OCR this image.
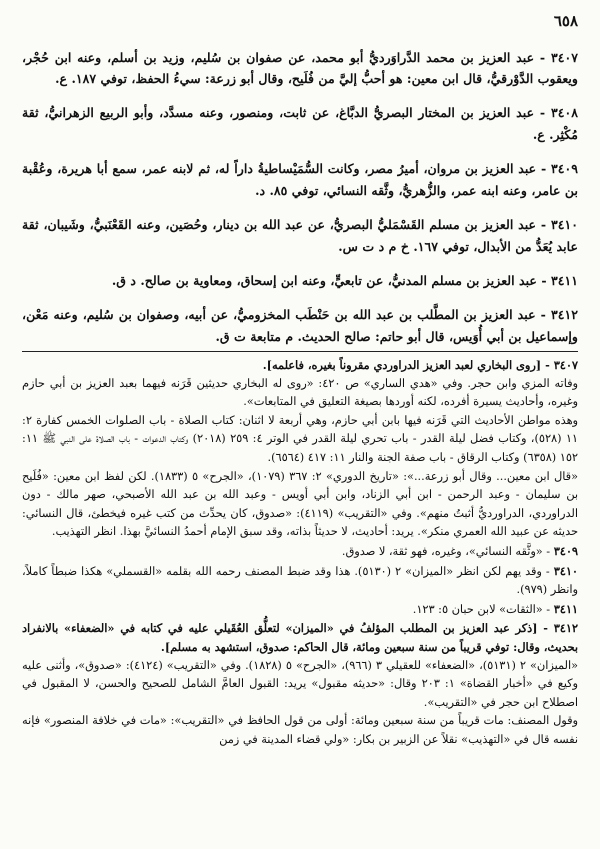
٦٥٨

٣٤٠٧ - عبد العزيز بن محمد الدَّراوَرديُّ أبو محمد، عن صفوان بن سُليم، وزيد بن أسلم، وعنه ابن حُجْر، ويعقوب الدَّوْرقيُّ، قال ابن معين: هو أحبُّ إليَّ من فُلَيح، وقال أبو زرعة: سيءُ الحفظ، توفي ١٨٧. ع.

٣٤٠٨ - عبد العزيز بن المختار البصريُّ الدبَّاغ، عن ثابت، ومنصور، وعنه مسدَّد، وأبو الربيع الزهرانيُّ، ثقة مُكْثِر. ع.

٣٤٠٩ - عبد العزيز بن مروان، أميرُ مصر، وكانت السُّمَيْساطيةُ داراً له، ثم لابنه عمر، سمع أبا هريرة، وعُقْبة بن عامر، وعنه ابنه عمر، والزُّهريُّ، وثَّقه النسائي، توفي ٨٥. د.

٣٤١٠ - عبد العزيز بن مسلم القَسْمَليُّ البصريُّ، عن عبد الله بن دينار، وحُصَين، وعنه القَعْنَبيُّ، وشَيبان، ثقة عابد يُعَدُّ من الأبدال، توفي ١٦٧. خ م د ت س.

٣٤١١ - عبد العزيز بن مسلم المدنيُّ، عن تابعيٍّ، وعنه ابن إسحاق، ومعاوية بن صالح. د ق.

٣٤١٢ - عبد العزيز بن المطَّلب بن عبد الله بن حَنْطَب المخزوميُّ، عن أبيه، وصفوان بن سُليم، وعنه مَعْن، وإسماعيل بن أبي أُوَيس، قال أبو حاتم: صالح الحديث. م متابعة ت ق.

٣٤٠٧ - [روى البخاري لعبد العزيز الدراوردي مقروناً بغيره، فاعلمه].

وفاته المزي وابن حجر. وفي «هدي الساري» ص ٤٢٠: «روى له البخاري حديثين قَرَنه فيهما بعبد العزيز بن أبي حازم وغيره، وأحاديث يسيرة أفرده، لكنه أوردها بصيغة التعليق في المتابعات».

وهذه مواطن الأحاديث التي قَرَنه فيها بابن أبي حازم، وهي أربعة لا اثنان: كتاب الصلاة - باب الصلوات الخمس كفارة ٢: ١١ (٥٢٨)، وكتاب فضل ليلة القدر - باب تحري ليلة القدر في الوتر ٤: ٢٥٩ (٢٠١٨) وكتاب الدعوات - باب الصلاة على النبي ﷺ ١١: ١٥٢ (٦٣٥٨) وكتاب الرقاق - باب صفة الجنة والنار ١١: ٤١٧ (٦٥٦٤).

«قال ابن معين... وقال أبو زرعة...»: «تاريخ الدوري» ٢: ٣٦٧ (١٠٧٩)، «الجرح» ٥ (١٨٣٣). لكن لفظ ابن معين: «فُلَيح بن سليمان - وعبد الرحمن - ابن أبي الزناد، وابن أبي أويس - وعبد الله بن عبد الله الأصبحي، صهر مالك - دون الدراوردي، الدراورديُّ أثبتُ منهم». وفي «التقريب» (٤١١٩): «صدوق، كان يحدِّث من كتب غيره فيخطئ، قال النسائي: حديثه عن عبيد الله العمري منكر». يريد: أحاديث، لا حديثاً بذاته، وقد سبق الإمام أحمدُ النسائيَّ بهذا. انظر التهذيب.

٣٤٠٩ - «وثَّقه النسائي»، وغيره، فهو ثقة، لا صدوق.

٣٤١٠ - وقد يهم لكن انظر «الميزان» ٢ (٥١٣٠). هذا وقد ضبط المصنف رحمه الله بقلمه «القسملي» هكذا ضبطاً كاملاً، وانظر (٩٧٩).

٣٤١١ - «الثقات» لابن حبان ٥: ١٢٣.

٣٤١٢ - [ذكر عبد العزيز بن المطلب المؤلفُ في «الميزان» لتعلُّق العُقَيلي عليه في كتابه في «الضعفاء» بالانفراد بحديث، وقال: توفي قريباً من سنة سبعين ومائة، قال الحاكم: صدوق، استشهد به مسلم].

«الميزان» ٢ (٥١٣١)، «الضعفاء» للعقيلي ٣ (٩٦٦)، «الجرح» ٥ (١٨٢٨). وفي «التقريب» (٤١٢٤): «صدوق»، وأثنى عليه وكيع في «أخبار القضاة» ١: ٢٠٣ وقال: «حديثه مقبول» يريد: القبول العامَّ الشامل للصحيح والحسن، لا المقبول في اصطلاح ابن حجر في «التقريب».

وقول المصنف: مات قريباً من سنة سبعين ومائة: أولى من قول الحافظ في «التقريب»: «مات في خلافة المنصور» فإنه نفسه قال في «التهذيب» نقلاً عن الزبير بن بكار: «ولي قضاء المدينة في زمن
